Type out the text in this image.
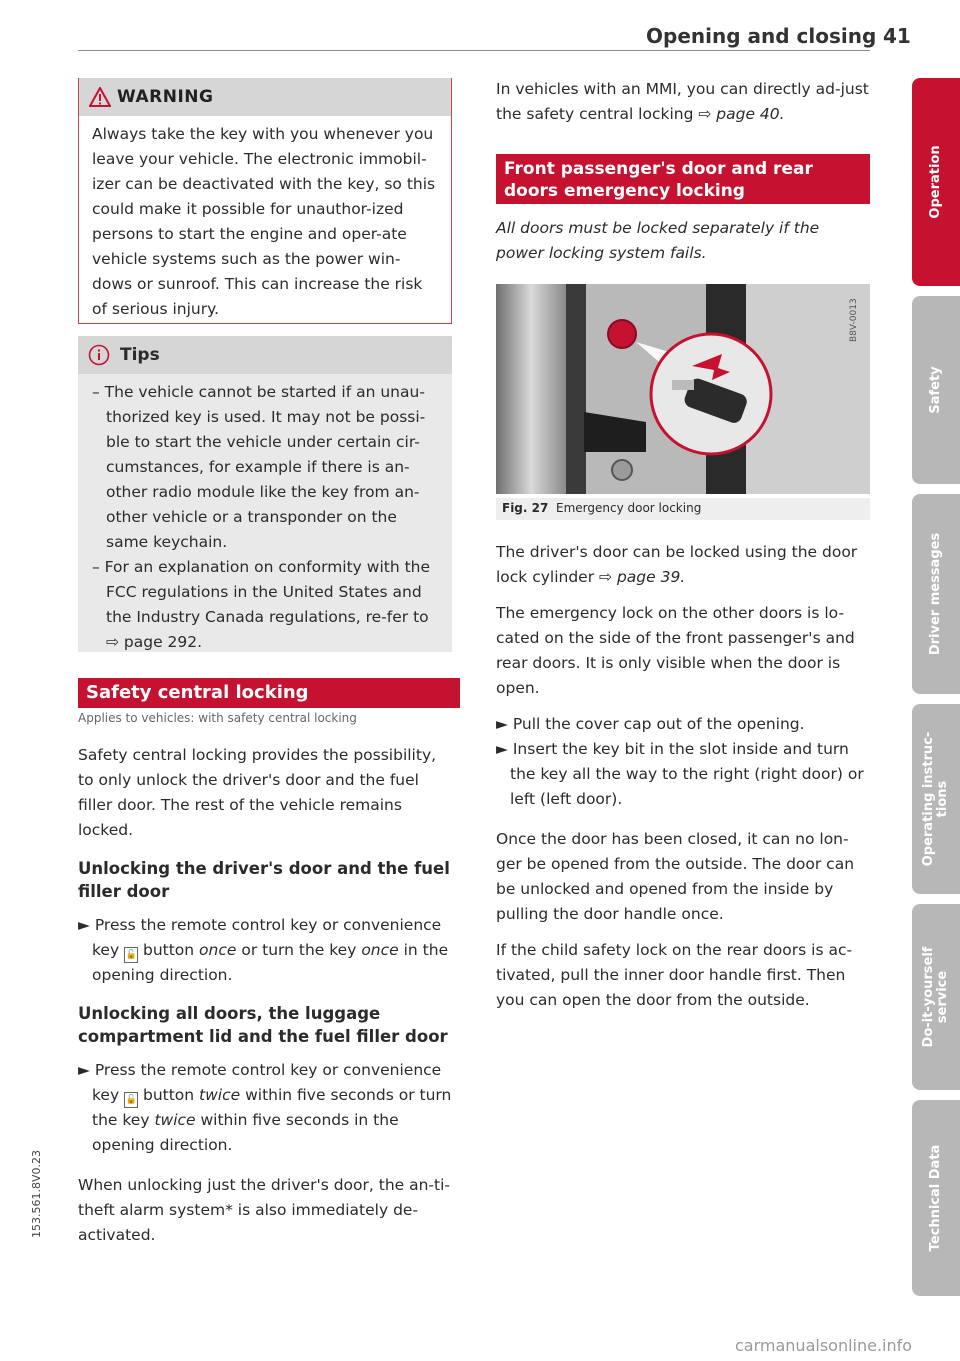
Opening and closing 41
WARNING
Always take the key with you whenever you leave your vehicle. The electronic immobil-izer can be deactivated with the key, so this could make it possible for unauthor-ized persons to start the engine and oper-ate vehicle systems such as the power win-dows or sunroof. This can increase the risk of serious injury.
Tips
– The vehicle cannot be started if an unau-thorized key is used. It may not be possi-ble to start the vehicle under certain cir-cumstances, for example if there is an-other radio module like the key from an-other vehicle or a transponder on the same keychain.
– For an explanation on conformity with the FCC regulations in the United States and the Industry Canada regulations, re-fer to ⇨ page 292.
Safety central locking
Applies to vehicles: with safety central locking
Safety central locking provides the possibility, to only unlock the driver's door and the fuel filler door. The rest of the vehicle remains locked.
Unlocking the driver's door and the fuel filler door
► Press the remote control key or convenience key 🔓 button once or turn the key once in the opening direction.
Unlocking all doors, the luggage compartment lid and the fuel filler door
► Press the remote control key or convenience key 🔓 button twice within five seconds or turn the key twice within five seconds in the opening direction.
When unlocking just the driver's door, the an-ti-theft alarm system* is also immediately de-activated.
In vehicles with an MMI, you can directly ad-just the safety central locking ⇨ page 40.
Front passenger's door and rear doors emergency locking
All doors must be locked separately if the power locking system fails.
B8V-0013
Fig. 27 Emergency door locking
The driver's door can be locked using the door lock cylinder ⇨ page 39.
The emergency lock on the other doors is lo-cated on the side of the front passenger's and rear doors. It is only visible when the door is open.
► Pull the cover cap out of the opening.
► Insert the key bit in the slot inside and turn the key all the way to the right (right door) or left (left door).
Once the door has been closed, it can no lon-ger be opened from the outside. The door can be unlocked and opened from the inside by pulling the door handle once.
If the child safety lock on the rear doors is ac-tivated, pull the inner door handle first. Then you can open the door from the outside.
Operation
Safety
Driver messages
Operating instruc-tions
Do-it-yourself service
Technical Data
153.561.8V0.23
carmanualsonline.info
